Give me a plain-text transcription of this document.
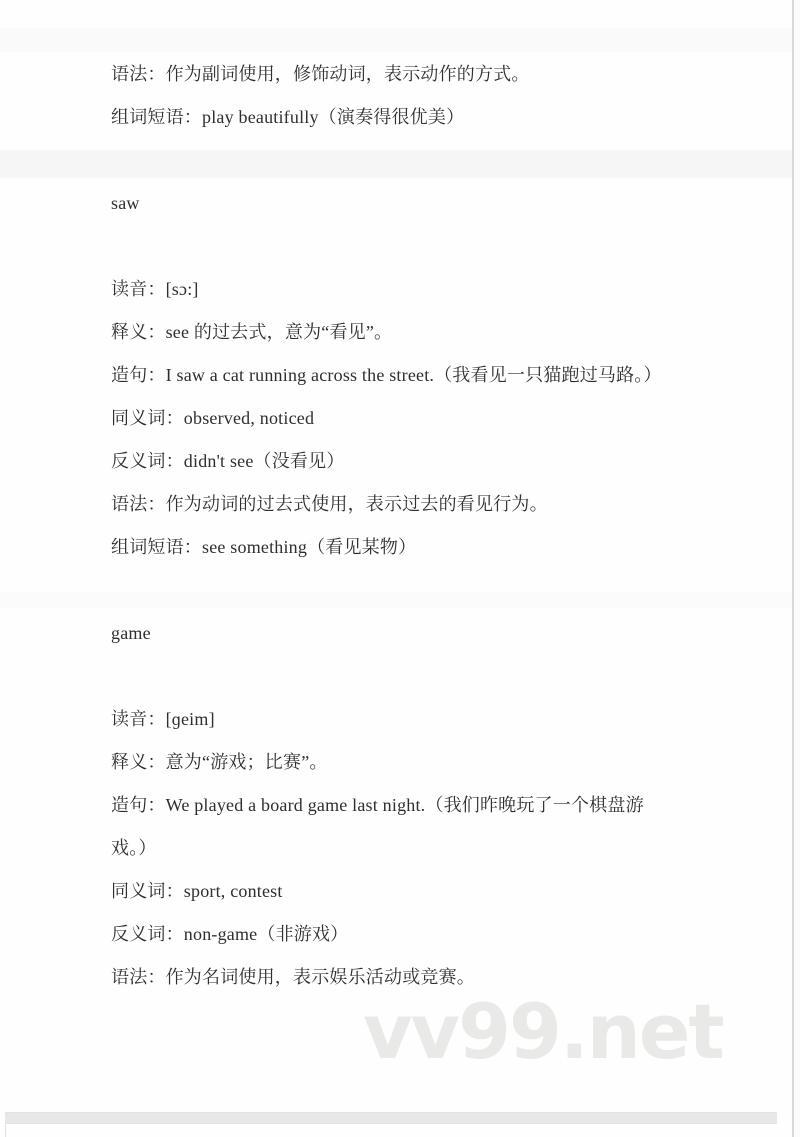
语法：作为副词使用，修饰动词，表示动作的方式。

组词短语：play beautifully（演奏得很优美）

saw

读音：[sɔ:]

释义：see 的过去式，意为“看见”。

造句：I saw a cat running across the street.（我看见一只猫跑过马路。）

同义词：observed, noticed

反义词：didn't see（没看见）

语法：作为动词的过去式使用，表示过去的看见行为。

组词短语：see something（看见某物）

game

读音：[ɡeim]

释义：意为“游戏；比赛”。

造句：We played a board game last night.（我们昨晚玩了一个棋盘游

戏。）

同义词：sport, contest

反义词：non-game（非游戏）

语法：作为名词使用，表示娱乐活动或竞赛。

vv99.net
